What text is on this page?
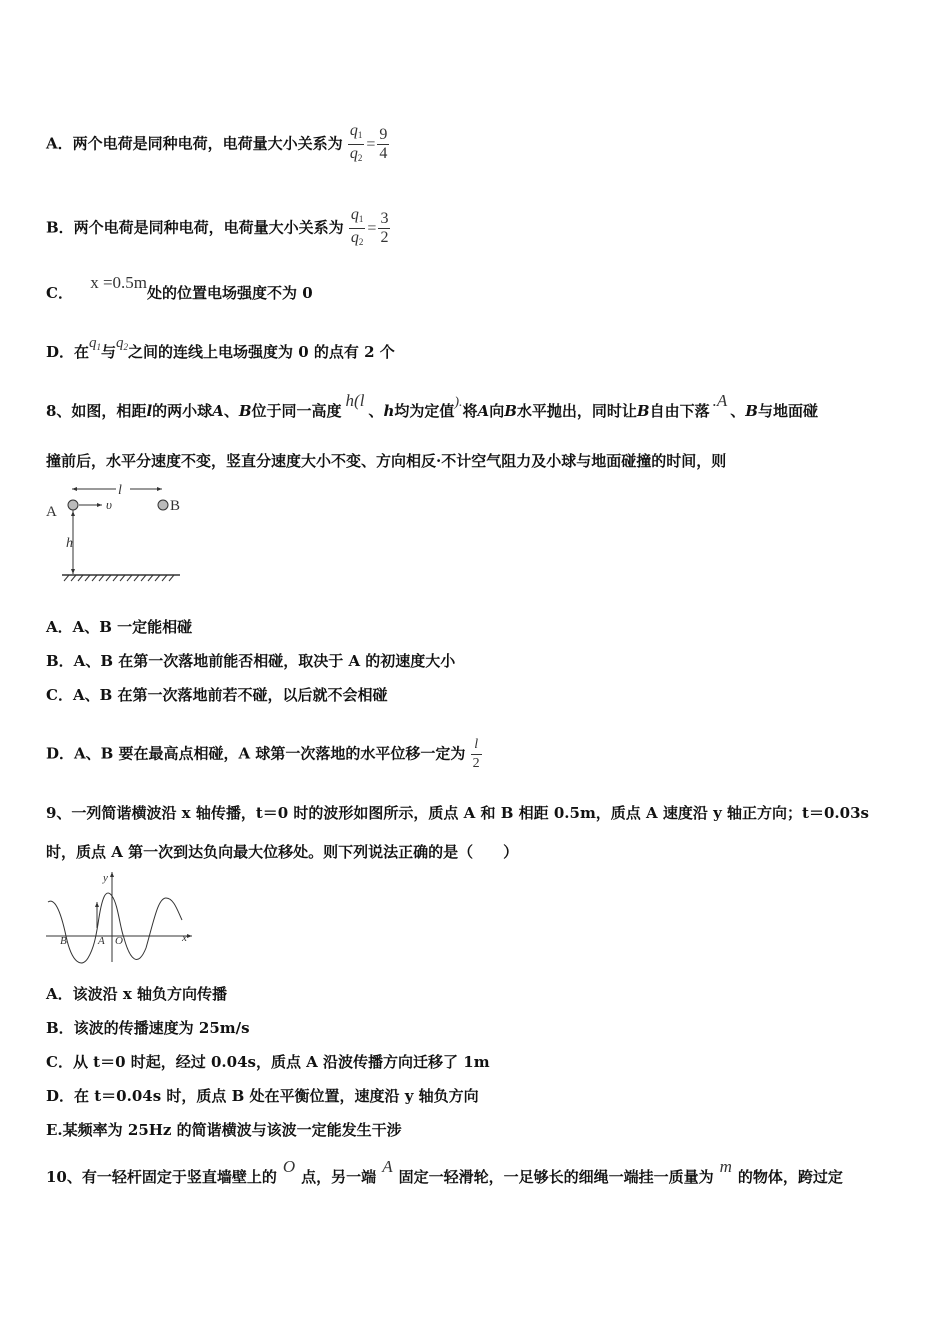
A．两个电荷是同种电荷，电荷量大小关系为 $\frac{q_1}{q_2} = \frac{9}{4}$
B．两个电荷是同种电荷，电荷量大小关系为 $\frac{q_1}{q_2} = \frac{3}{2}$
C． x =0.5m处的位置电场强度不为 0
D．在$q_1$与$q_2$之间的连线上电场强度为 0 的点有 2 个
8、如图，相距l的两小球A、B位于同一高度h(l、h均为定值).将A向B水平抛出，同时让B自由下落.A、B与地面碰
撞前后，水平分速度不变，竖直分速度大小不变、方向相反·不计空气阻力及小球与地面碰撞的时间，则
l
υ	B
A
h
A．A、B 一定能相碰
B．A、B 在第一次落地前能否相碰，取决于 A 的初速度大小
C．A、B 在第一次落地前若不碰，以后就不会相碰
D．A、B 要在最高点相碰，A 球第一次落地的水平位移一定为 $\frac{l}{2}$
9、一列简谐横波沿 x 轴传播，t＝0 时的波形如图所示，质点 A 和 B 相距 0.5m，质点 A 速度沿 y 轴正方向；t＝0.03s
时，质点 A 第一次到达负向最大位移处。则下列说法正确的是（　　）
x
y
B	A O
A．该波沿 x 轴负方向传播
B．该波的传播速度为 25m/s
C．从 t＝0 时起，经过 0.04s，质点 A 沿波传播方向迁移了 1m
D．在 t＝0.04s 时，质点 B 处在平衡位置，速度沿 y 轴负方向
E.某频率为 25Hz 的简谐横波与该波一定能发生干涉
10、有一轻杆固定于竖直墙壁上的O点，另一端A固定一轻滑轮，一足够长的细绳一端挂一质量为m的物体，跨过定
